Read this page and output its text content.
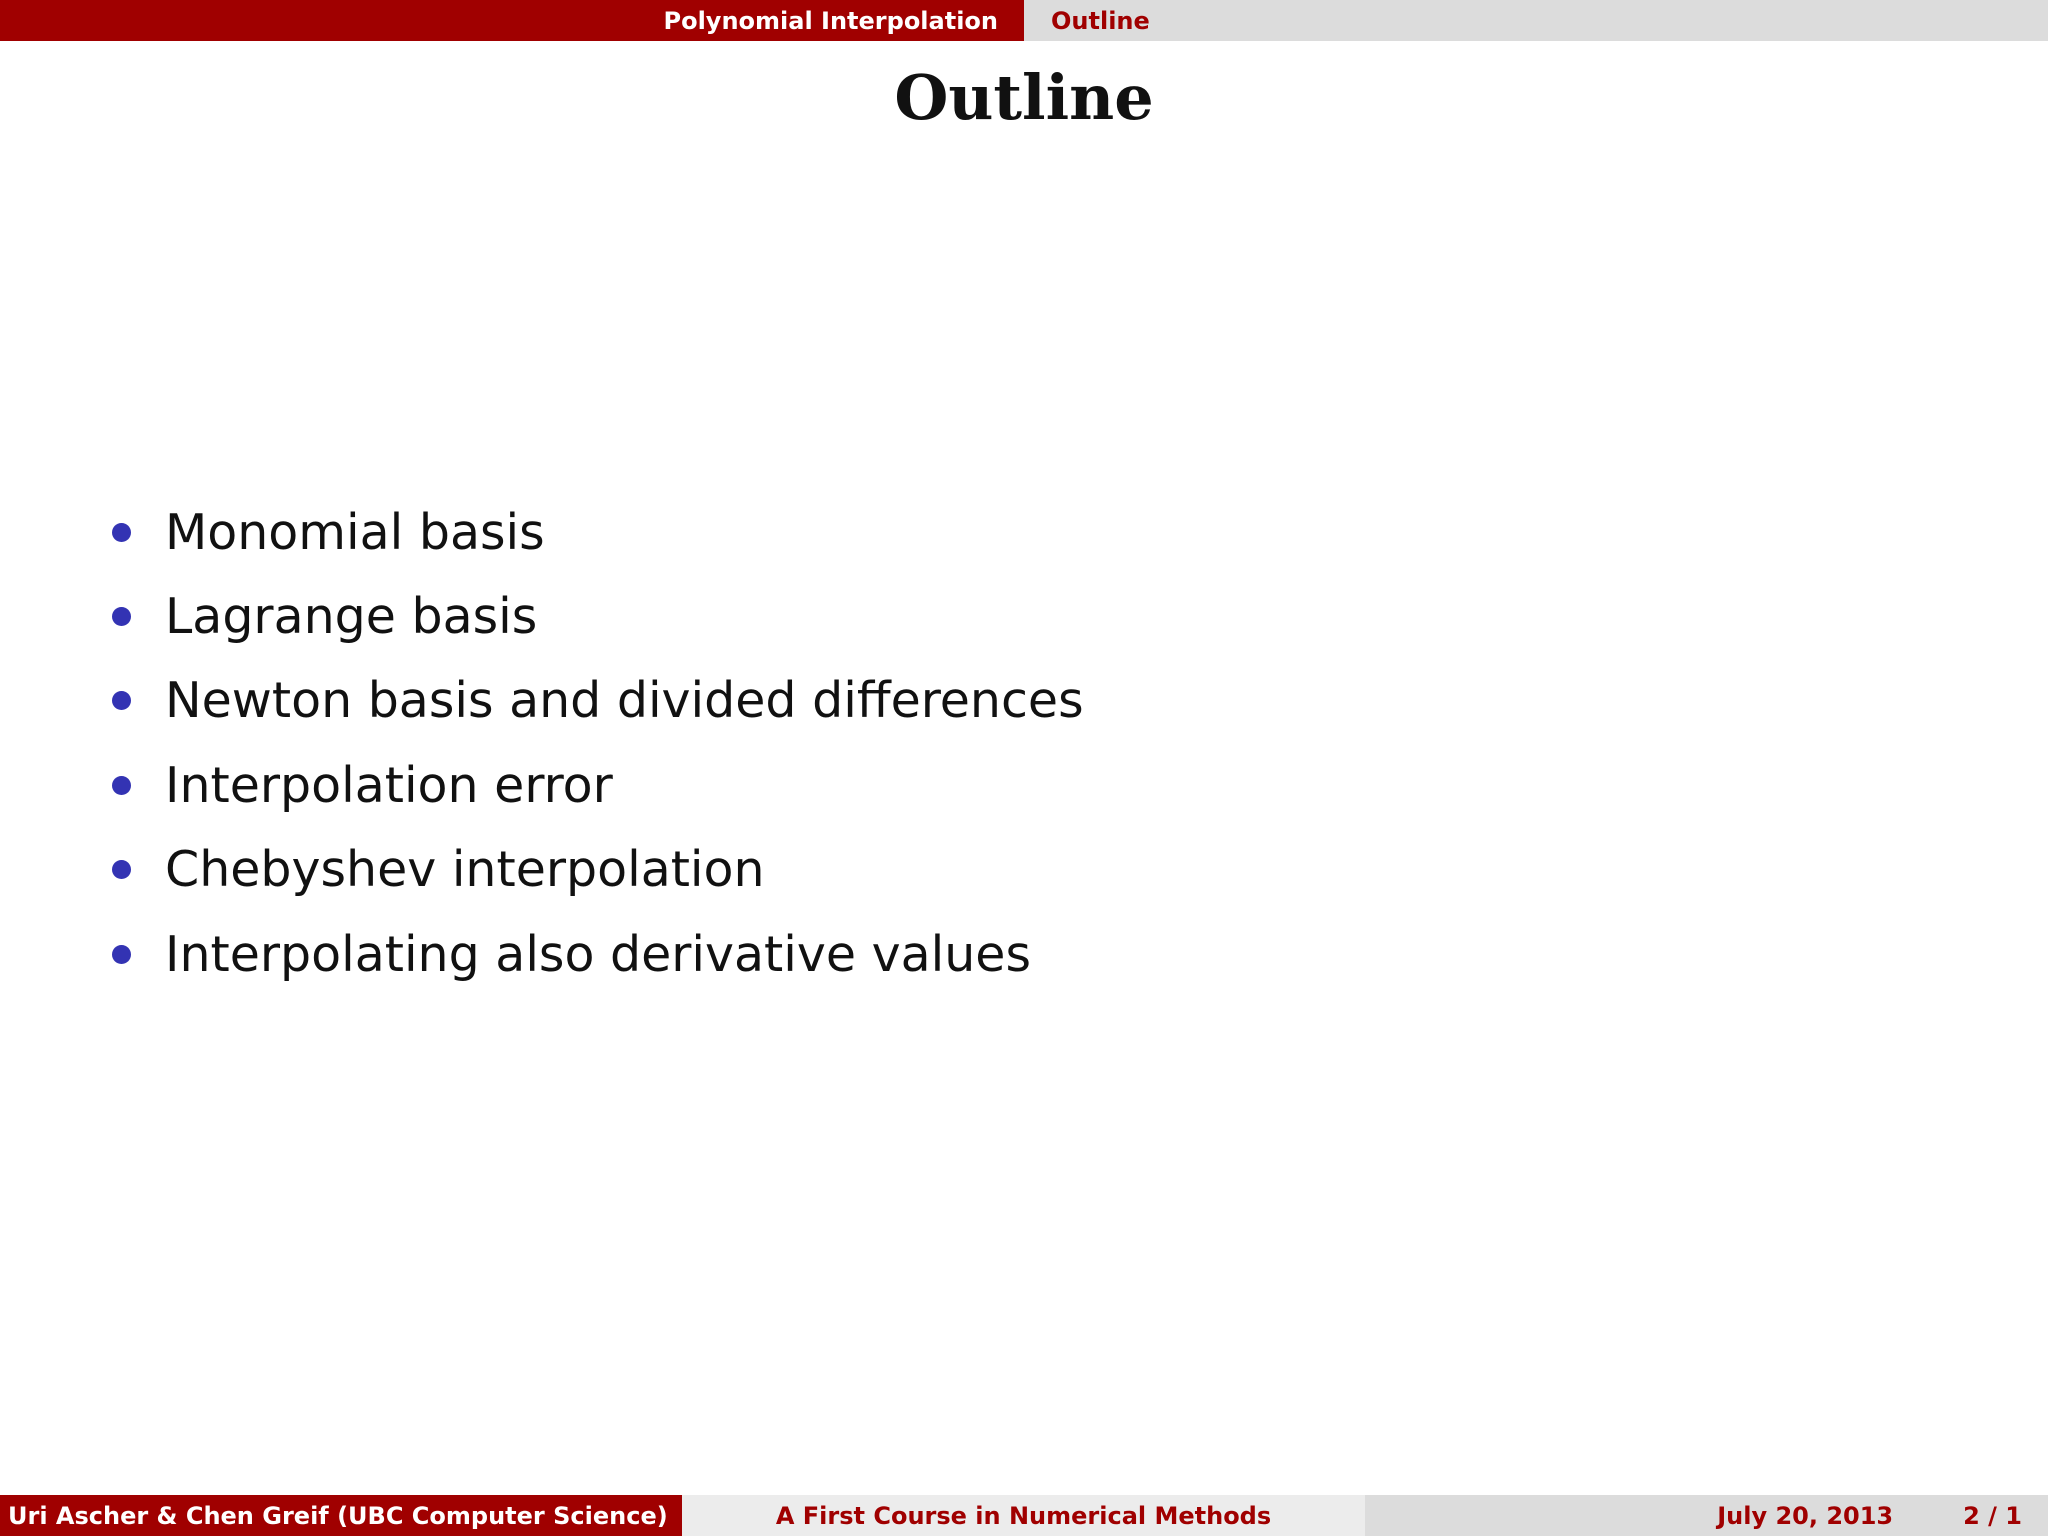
Polynomial Interpolation Outline
Outline
Monomial basis
Lagrange basis
Newton basis and divided differences
Interpolation error
Chebyshev interpolation
Interpolating also derivative values
Uri Ascher & Chen Greif (UBC Computer Science)	A First Course in Numerical Methods	July 20, 2013	2 / 1
